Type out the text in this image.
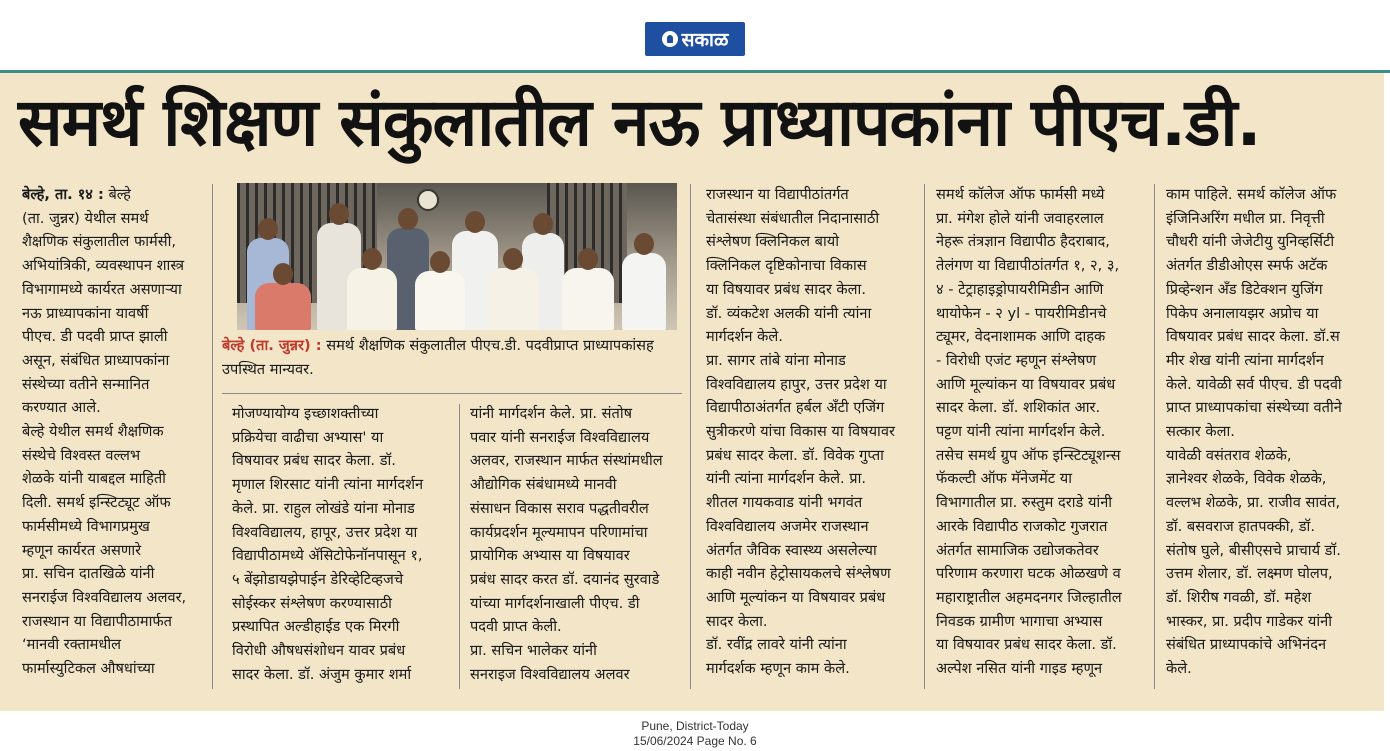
सकाळ
समर्थ शिक्षण संकुलातील नऊ प्राध्यापकांना पीएच.डी.
बेल्हे, ता. १४ : बेल्हे
(ता. जुन्नर) येथील समर्थ
शैक्षणिक संकुलातील फार्मसी,
अभियांत्रिकी, व्यवस्थापन शास्त्र
विभागामध्ये कार्यरत असणाऱ्या
नऊ प्राध्यापकांना यावर्षी
पीएच. डी पदवी प्राप्त झाली
असून, संबंधित प्राध्यापकांना
संस्थेच्या वतीने सन्मानित
करण्यात आले.
बेल्हे येथील समर्थ शैक्षणिक
संस्थेचे विश्वस्त वल्लभ
शेळके यांनी याबद्दल माहिती
दिली. समर्थ इन्स्टिट्यूट ऑफ
फार्मसीमध्ये विभागप्रमुख
म्हणून कार्यरत असणारे
प्रा. सचिन दातखिळे यांनी
सनराईज विश्वविद्यालय अलवर,
राजस्थान या विद्यापीठामार्फत
‘मानवी रक्तामधील
फार्मास्युटिकल औषधांच्या
बेल्हे (ता. जुन्नर) : समर्थ शैक्षणिक संकुलातील पीएच.डी. पदवीप्राप्त प्राध्यापकांसह उपस्थित मान्यवर.
मोजण्यायोग्य इच्छाशक्तीच्या
प्रक्रियेचा वाढीचा अभ्यास' या
विषयावर प्रबंध सादर केला. डॉ.
मृणाल शिरसाट यांनी त्यांना मार्गदर्शन
केले. प्रा. राहुल लोखंडे यांना मोनाड
विश्वविद्यालय, हापूर, उत्तर प्रदेश या
विद्यापीठामध्ये ॲसिटोफेनॉनपासून १,
५ बेंझोडायझेपाईन डेरिव्हेटिव्हजचे
सोईस्कर संश्लेषण करण्यासाठी
प्रस्थापित अल्डीहाईड एक मिरगी
विरोधी औषधसंशोधन यावर प्रबंध
सादर केला. डॉ. अंजुम कुमार शर्मा
यांनी मार्गदर्शन केले. प्रा. संतोष
पवार यांनी सनराईज विश्वविद्यालय
अलवर, राजस्थान मार्फत संस्थांमधील
औद्योगिक संबंधामध्ये मानवी
संसाधन विकास सराव पद्धतीवरील
कार्यप्रदर्शन मूल्यमापन परिणामांचा
प्रायोगिक अभ्यास या विषयावर
प्रबंध सादर करत डॉ. दयानंद सुरवाडे
यांच्या मार्गदर्शनाखाली पीएच. डी
पदवी प्राप्त केली.
प्रा. सचिन भालेकर यांनी
सनराइज विश्वविद्यालय अलवर
राजस्थान या विद्यापीठांतर्गत
चेतासंस्था संबंधातील निदानासाठी
संश्लेषण क्लिनिकल बायो
क्लिनिकल दृष्टिकोनाचा विकास
या विषयावर प्रबंध सादर केला.
डॉ. व्यंकटेश अलकी यांनी त्यांना
मार्गदर्शन केले.
प्रा. सागर तांबे यांना मोनाड
विश्वविद्यालय हापुर, उत्तर प्रदेश या
विद्यापीठाअंतर्गत हर्बल अँटी एजिंग
सुत्रीकरणे यांचा विकास या विषयावर
प्रबंध सादर केला. डॉ. विवेक गुप्ता
यांनी त्यांना मार्गदर्शन केले. प्रा.
शीतल गायकवाड यांनी भगवंत
विश्वविद्यालय अजमेर राजस्थान
अंतर्गत जैविक स्वास्थ्य असलेल्या
काही नवीन हेट्रोसायकलचे संश्लेषण
आणि मूल्यांकन या विषयावर प्रबंध
सादर केला.
डॉ. रवींद्र लावरे यांनी त्यांना
मार्गदर्शक म्हणून काम केले.
समर्थ कॉलेज ऑफ फार्मसी मध्ये
प्रा. मंगेश होले यांनी जवाहरलाल
नेहरू तंत्रज्ञान विद्यापीठ हैदराबाद,
तेलंगण या विद्यापीठांतर्गत १, २, ३,
४ - टेट्राहाइड्रोपायरीमिडीन आणि
थायोफेन - २ yl - पायरीमिडीनचे
ट्यूमर, वेदनाशामक आणि दाहक
- विरोधी एजंट म्हणून संश्लेषण
आणि मूल्यांकन या विषयावर प्रबंध
सादर केला. डॉ. शशिकांत आर.
पट्टण यांनी त्यांना मार्गदर्शन केले.
तसेच समर्थ ग्रुप ऑफ इन्स्टिट्यूशन्स
फॅकल्टी ऑफ मॅनेजमेंट या
विभागातील प्रा. रुस्तुम दराडे यांनी
आरके विद्यापीठ राजकोट गुजरात
अंतर्गत सामाजिक उद्योजकतेवर
परिणाम करणारा घटक ओळखणे व
महाराष्ट्रातील अहमदनगर जिल्हातील
निवडक ग्रामीण भागाचा अभ्यास
या विषयावर प्रबंध सादर केला. डॉ.
अल्पेश नसित यांनी गाइड म्हणून
काम पाहिले. समर्थ कॉलेज ऑफ
इंजिनिअरिंग मधील प्रा. निवृत्ती
चौधरी यांनी जेजेटीयु युनिव्हर्सिटी
अंतर्गत डीडीओएस स्मर्फ अटॅक
प्रिव्हेन्शन ॲंड डिटेक्शन युजिंग
पिकेप अनालायझर अप्रोच या
विषयावर प्रबंध सादर केला. डॉ.स
मीर शेख यांनी त्यांना मार्गदर्शन
केले. यावेळी सर्व पीएच. डी पदवी
प्राप्त प्राध्यापकांचा संस्थेच्या वतीने
सत्कार केला.
यावेळी वसंतराव शेळके,
ज्ञानेश्वर शेळके, विवेक शेळके,
वल्लभ शेळके, प्रा. राजीव सावंत,
डॉ. बसवराज हातपक्की, डॉ.
संतोष घुले, बीसीएसचे प्राचार्य डॉ.
उत्तम शेलार, डॉ. लक्ष्मण घोलप,
डॉ. शिरीष गवळी, डॉ. महेश
भास्कर, प्रा. प्रदीप गाडेकर यांनी
संबंधित प्राध्यापकांचे अभिनंदन
केले.
Pune, District-Today
15/06/2024 Page No. 6
